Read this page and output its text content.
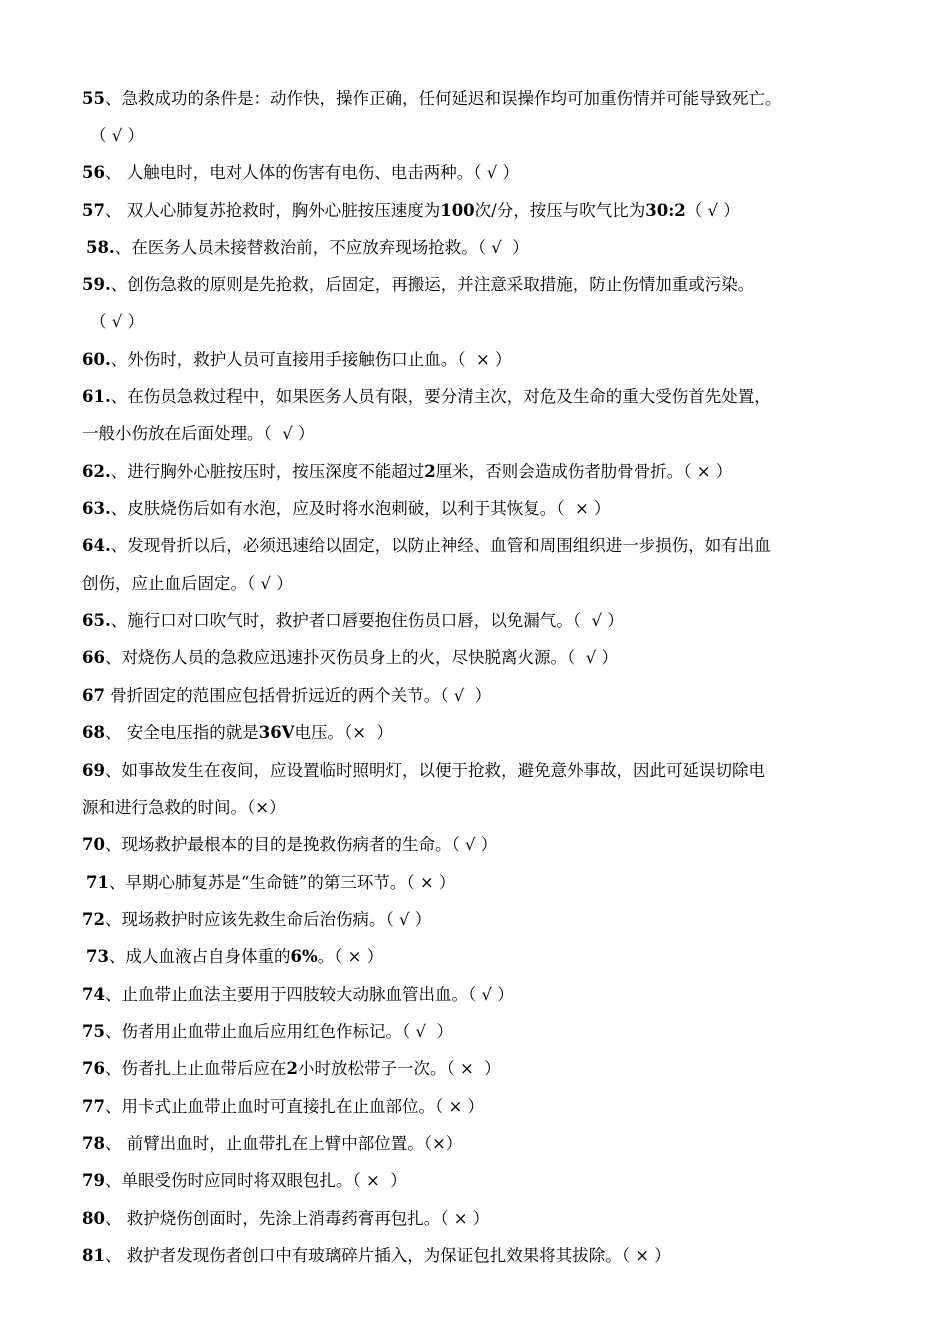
55、急救成功的条件是：动作快，操作正确，任何延迟和误操作均可加重伤情并可能导致死亡。
（ √ ）
56、 人触电时，电对人体的伤害有电伤、电击两种。（ √ ）
57、 双人心肺复苏抢救时，胸外心脏按压速度为100次/分，按压与吹气比为30:2（ √ ）
58.、在医务人员未接替救治前，不应放弃现场抢救。（ √  ）
59.、创伤急救的原则是先抢救，后固定，再搬运，并注意采取措施，防止伤情加重或污染。
（ √ ）
60.、外伤时，救护人员可直接用手接触伤口止血。（  × ）
61.、在伤员急救过程中，如果医务人员有限，要分清主次，对危及生命的重大受伤首先处置，
一般小伤放在后面处理。（  √ ）
62.、进行胸外心脏按压时，按压深度不能超过2厘米，否则会造成伤者肋骨骨折。（ × ）
63.、皮肤烧伤后如有水泡，应及时将水泡刺破，以利于其恢复。（  × ）
64.、发现骨折以后，必须迅速给以固定，以防止神经、血管和周围组织进一步损伤，如有出血
创伤，应止血后固定。（ √ ）
65.、施行口对口吹气时，救护者口唇要抱住伤员口唇，以免漏气。（  √ ）
66、对烧伤人员的急救应迅速扑灭伤员身上的火，尽快脱离火源。（  √ ）
67 骨折固定的范围应包括骨折远近的两个关节。（ √  ）
68、 安全电压指的就是36V电压。（×  ）
69、如事故发生在夜间，应设置临时照明灯，以便于抢救，避免意外事故，因此可延误切除电
源和进行急救的时间。（×）
70、现场救护最根本的目的是挽救伤病者的生命。（ √ ）
71、早期心肺复苏是“生命链”的第三环节。（ × ）
72、现场救护时应该先救生命后治伤病。（ √ ）
73、成人血液占自身体重的6%。（ × ）
74、止血带止血法主要用于四肢较大动脉血管出血。（ √ ）
75、伤者用止血带止血后应用红色作标记。（ √  ）
76、伤者扎上止血带后应在2小时放松带子一次。（ ×  ）
77、用卡式止血带止血时可直接扎在止血部位。（ × ）
78、 前臂出血时，止血带扎在上臂中部位置。（×）
79、单眼受伤时应同时将双眼包扎。（ ×  ）
80、 救护烧伤创面时，先涂上消毒药膏再包扎。（ × ）
81、 救护者发现伤者创口中有玻璃碎片插入，为保证包扎效果将其拔除。（ × ）
